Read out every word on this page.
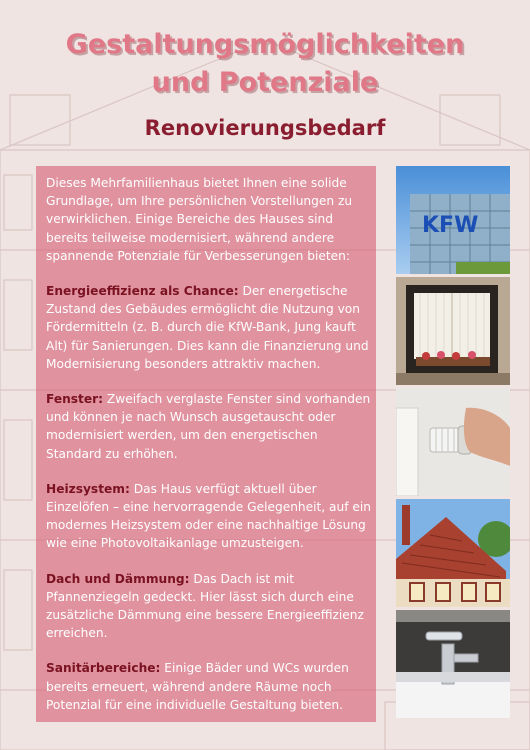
Gestaltungsmöglichkeiten
und Potenziale
Renovierungsbedarf

Dieses Mehrfamilienhaus bietet Ihnen eine solide Grundlage, um Ihre persönlichen Vorstellungen zu verwirklichen. Einige Bereiche des Hauses sind bereits teilweise modernisiert, während andere spannende Potenziale für Verbesserungen bieten:

Energieeffizienz als Chance: Der energetische Zustand des Gebäudes ermöglicht die Nutzung von Fördermitteln (z. B. durch die KfW-Bank, Jung kauft Alt) für Sanierungen. Dies kann die Finanzierung und Modernisierung besonders attraktiv machen.

Fenster: Zweifach verglaste Fenster sind vorhanden und können je nach Wunsch ausgetauscht oder modernisiert werden, um den energetischen Standard zu erhöhen.

Heizsystem: Das Haus verfügt aktuell über Einzelöfen – eine hervorragende Gelegenheit, auf ein modernes Heizsystem oder eine nachhaltige Lösung wie eine Photovoltaikanlage umzusteigen.

Dach und Dämmung: Das Dach ist mit Pfannenziegeln gedeckt. Hier lässt sich durch eine zusätzliche Dämmung eine bessere Energieeffizienz erreichen.

Sanitärbereiche: Einige Bäder und WCs wurden bereits erneuert, während andere Räume noch Potenzial für eine individuelle Gestaltung bieten.

KFW
